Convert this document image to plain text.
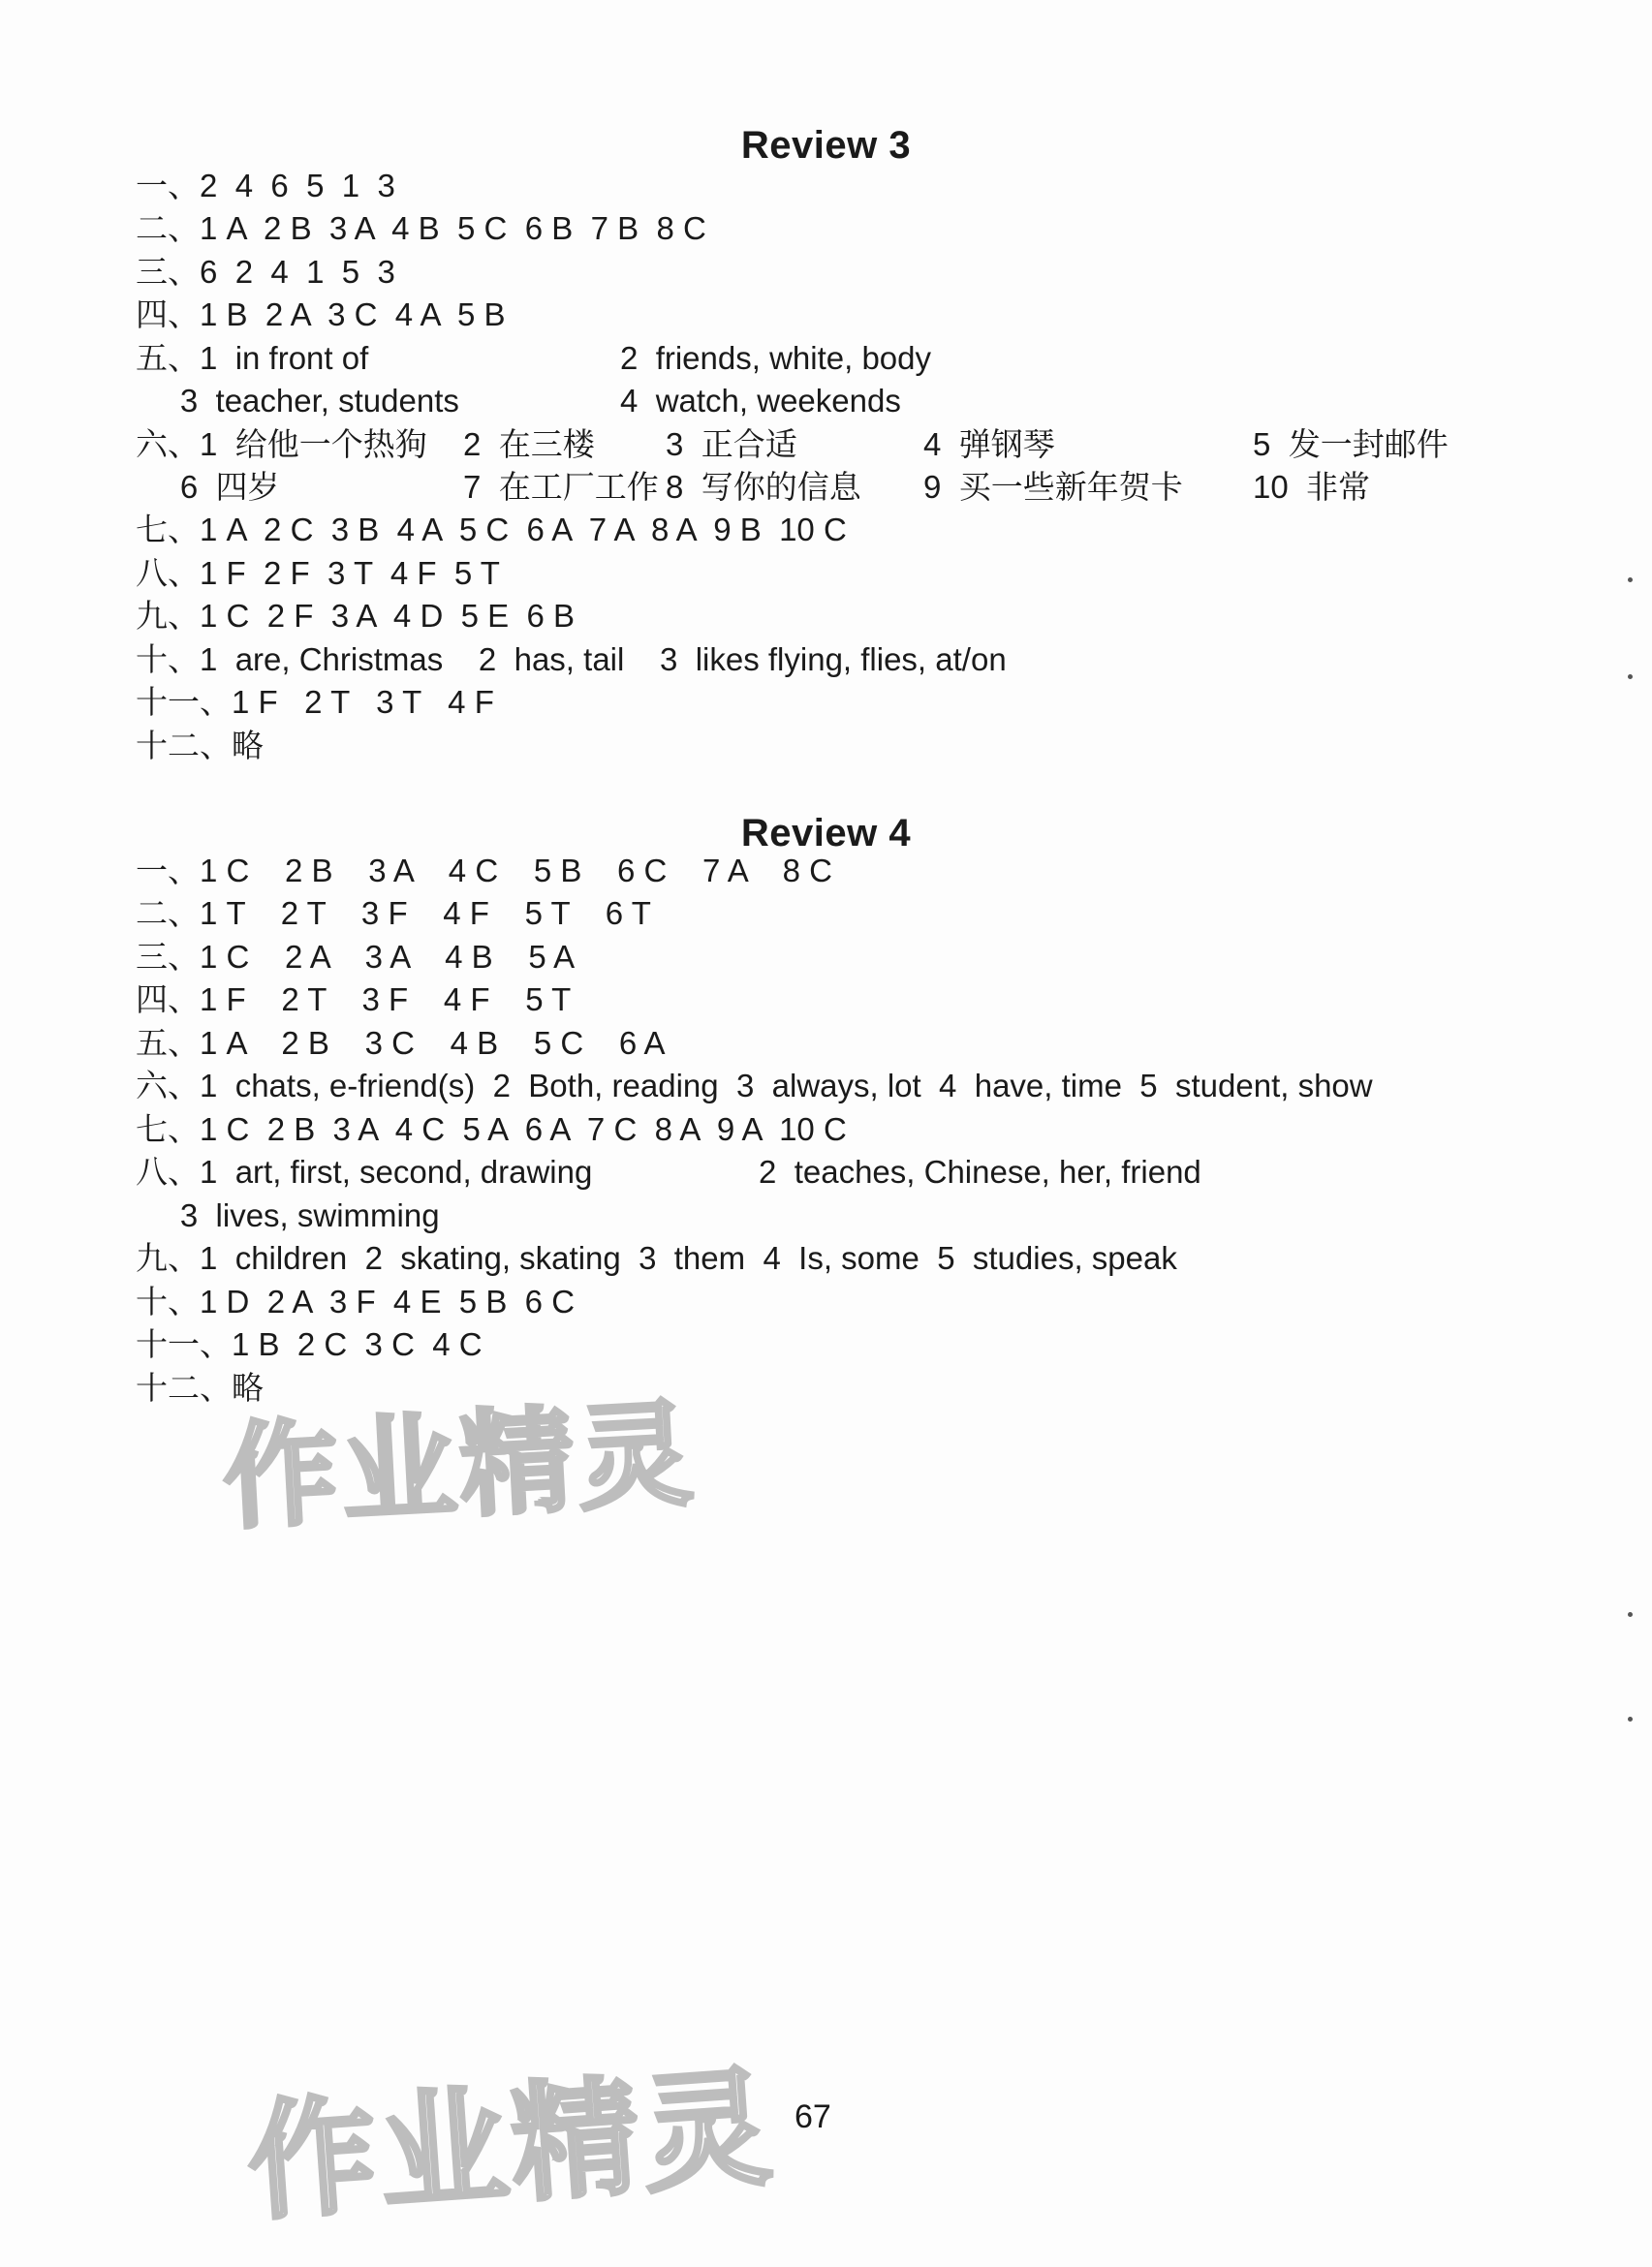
Review 3
一、2  4  6  5  1  3
二、1 A  2 B  3 A  4 B  5 C  6 B  7 B  8 C
三、6  2  4  1  5  3
四、1 B  2 A  3 C  4 A  5 B
五、1  in front of	2  friends, white, body
3  teacher, students	4  watch, weekends
六、1  给他一个热狗 2  在三楼 3  正合适	4  弹钢琴	5  发一封邮件
6  四岁	7  在工厂工作 8  写你的信息 9  买一些新年贺卡 10  非常
七、1 A  2 C  3 B  4 A  5 C  6 A  7 A  8 A  9 B  10 C
八、1 F  2 F  3 T  4 F  5 T
九、1 C  2 F  3 A  4 D  5 E  6 B
十、1  are, Christmas    2  has, tail    3  likes flying, flies, at/on
十一、1 F   2 T   3 T   4 F
十二、略
Review 4
一、1 C    2 B    3 A    4 C    5 B    6 C    7 A    8 C
二、1 T    2 T    3 F    4 F    5 T    6 T
三、1 C    2 A    3 A    4 B    5 A
四、1 F    2 T    3 F    4 F    5 T
五、1 A    2 B    3 C    4 B    5 C    6 A
六、1  chats, e-friend(s)  2  Both, reading  3  always, lot  4  have, time  5  student, show
七、1 C  2 B  3 A  4 C  5 A  6 A  7 C  8 A  9 A  10 C
八、1  art, first, second, drawing	2  teaches, Chinese, her, friend
3  lives, swimming
九、1  children  2  skating, skating  3  them  4  Is, some  5  studies, speak
十、1 D  2 A  3 F  4 E  5 B  6 C
十一、1 B  2 C  3 C  4 C
十二、略
作业精灵
作业精灵 67
